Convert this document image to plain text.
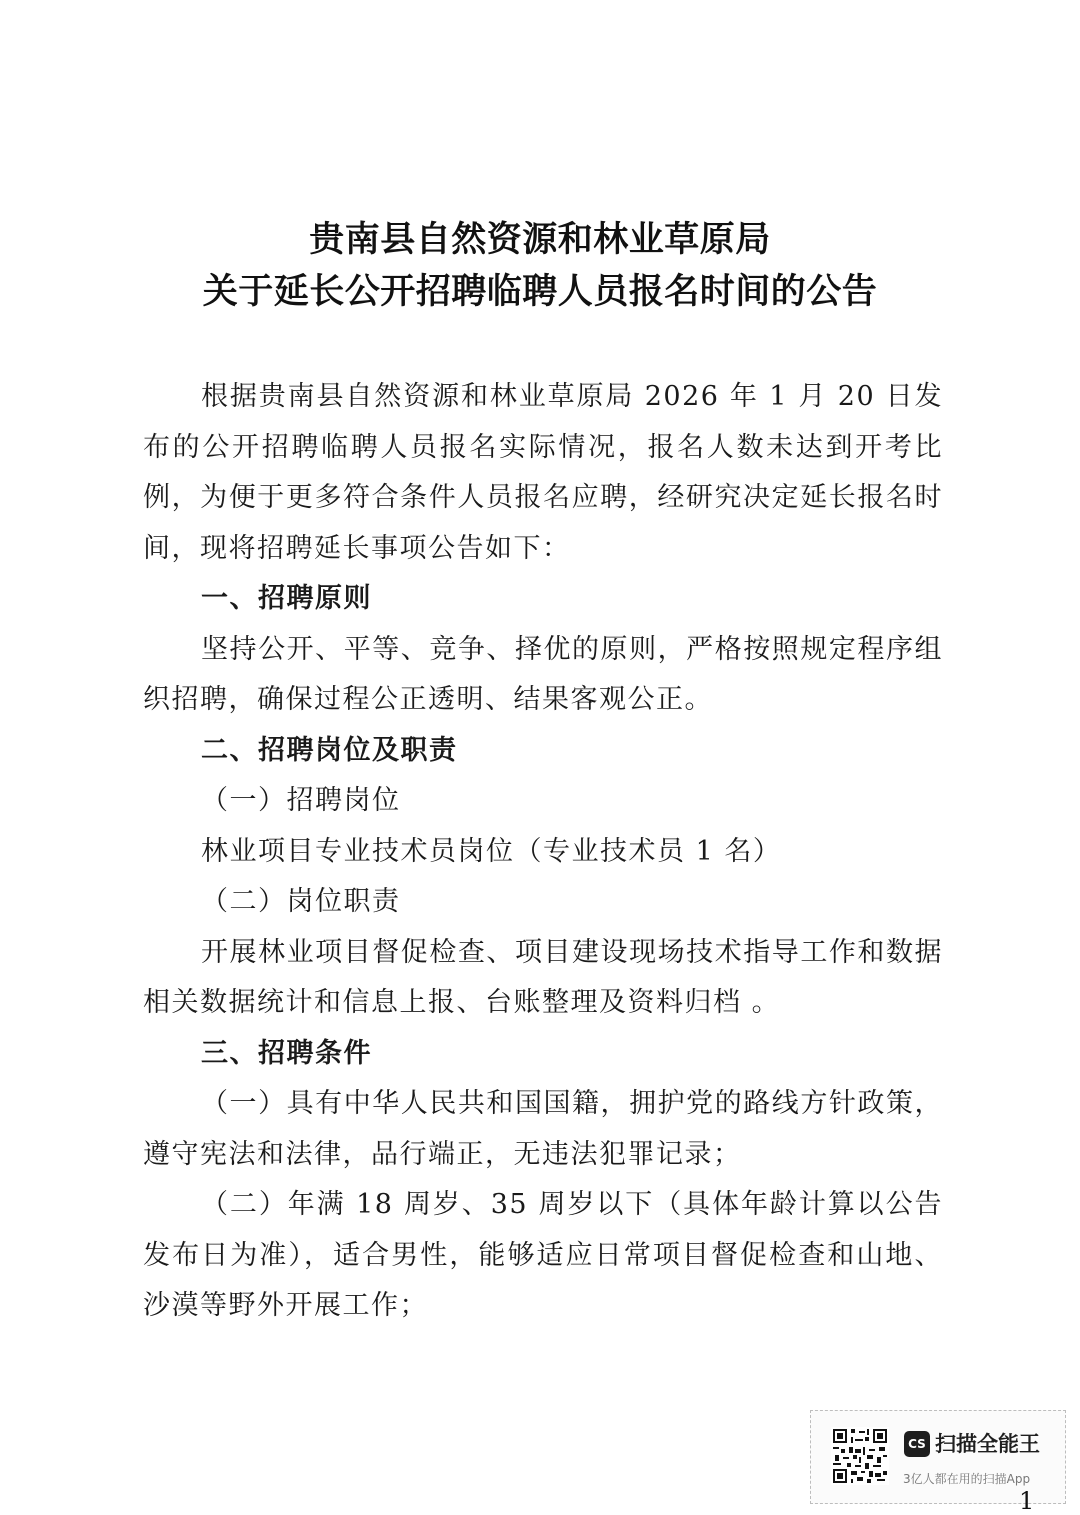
贵南县自然资源和林业草原局
关于延长公开招聘临聘人员报名时间的公告

根据贵南县自然资源和林业草原局 2026 年 1 月 20 日发布的公开招聘临聘人员报名实际情况，报名人数未达到开考比例，为便于更多符合条件人员报名应聘，经研究决定延长报名时间，现将招聘延长事项公告如下：

一、招聘原则

坚持公开、平等、竞争、择优的原则，严格按照规定程序组织招聘，确保过程公正透明、结果客观公正。

二、招聘岗位及职责

（一）招聘岗位

林业项目专业技术员岗位（专业技术员 1 名）

（二）岗位职责

开展林业项目督促检查、项目建设现场技术指导工作和数据相关数据统计和信息上报、台账整理及资料归档 。

三、招聘条件

（一）具有中华人民共和国国籍，拥护党的路线方针政策，遵守宪法和法律，品行端正，无违法犯罪记录；

（二）年满 18 周岁、35 周岁以下（具体年龄计算以公告发布日为准），适合男性，能够适应日常项目督促检查和山地、沙漠等野外开展工作；

CS 扫描全能王
3亿人都在用的扫描App
1
